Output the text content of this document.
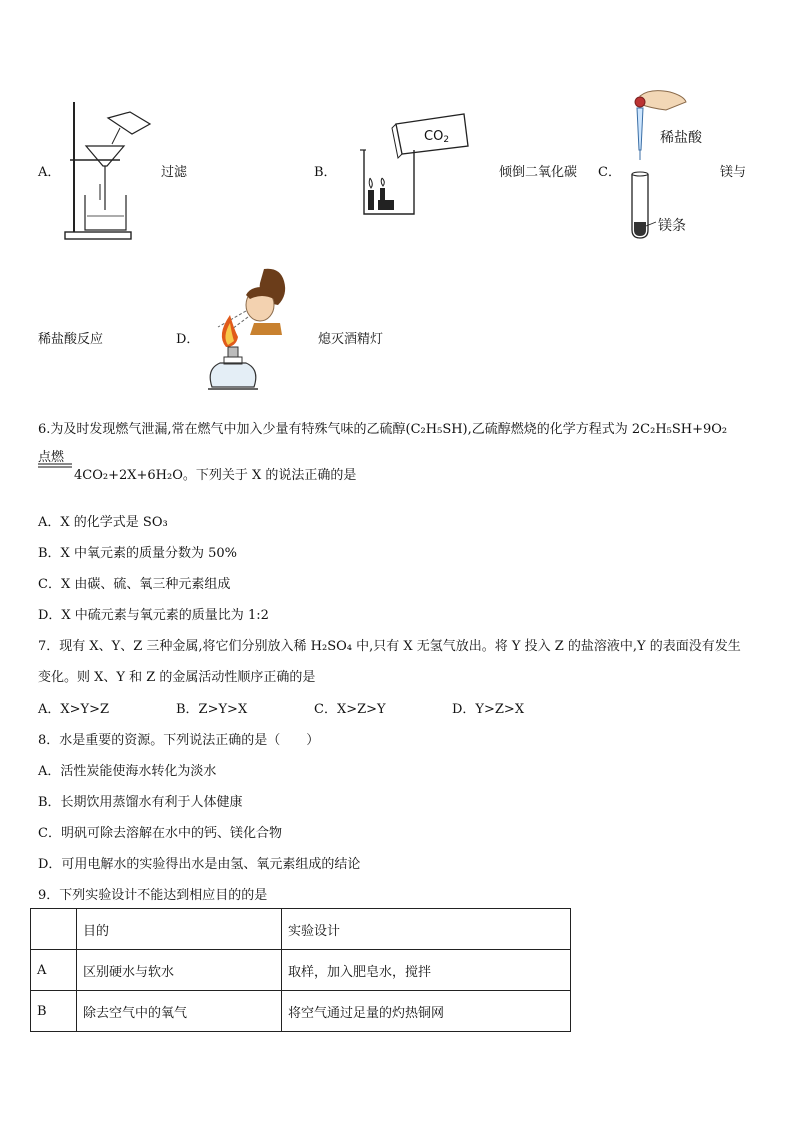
A．	过滤	B．
$CO_2$
倾倒二氧化碳 C．
稀盐酸
镁条
镁与
稀盐酸反应	D．	熄灭酒精灯
6.为及时发现燃气泄漏,常在燃气中加入少量有特殊气味的乙硫醇(C₂H₅SH),乙硫醇燃烧的化学方程式为 2C₂H₅SH+9O₂
点燃
4CO₂+2X+6H₂O。下列关于 X 的说法正确的是
A．X 的化学式是 SO₃
B．X 中氧元素的质量分数为 50%
C．X 由碳、硫、氧三种元素组成
D．X 中硫元素与氧元素的质量比为 1:2
7．现有 X、Y、Z 三种金属,将它们分别放入稀 H₂SO₄ 中,只有 X 无氢气放出。将 Y 投入 Z 的盐溶液中,Y 的表面没有发生
变化。则 X、Y 和 Z 的金属活动性顺序正确的是
A．X>Y>Z	B．Z>Y>X	C．X>Z>Y	D．Y>Z>X
8．水是重要的资源。下列说法正确的是（　　）
A．活性炭能使海水转化为淡水
B．长期饮用蒸馏水有利于人体健康
C．明矾可除去溶解在水中的钙、镁化合物
D．可用电解水的实验得出水是由氢、氧元素组成的结论
9．下列实验设计不能达到相应目的的是
	目的	实验设计
A	区别硬水与软水	取样，加入肥皂水，搅拌
B	除去空气中的氧气	将空气通过足量的灼热铜网
